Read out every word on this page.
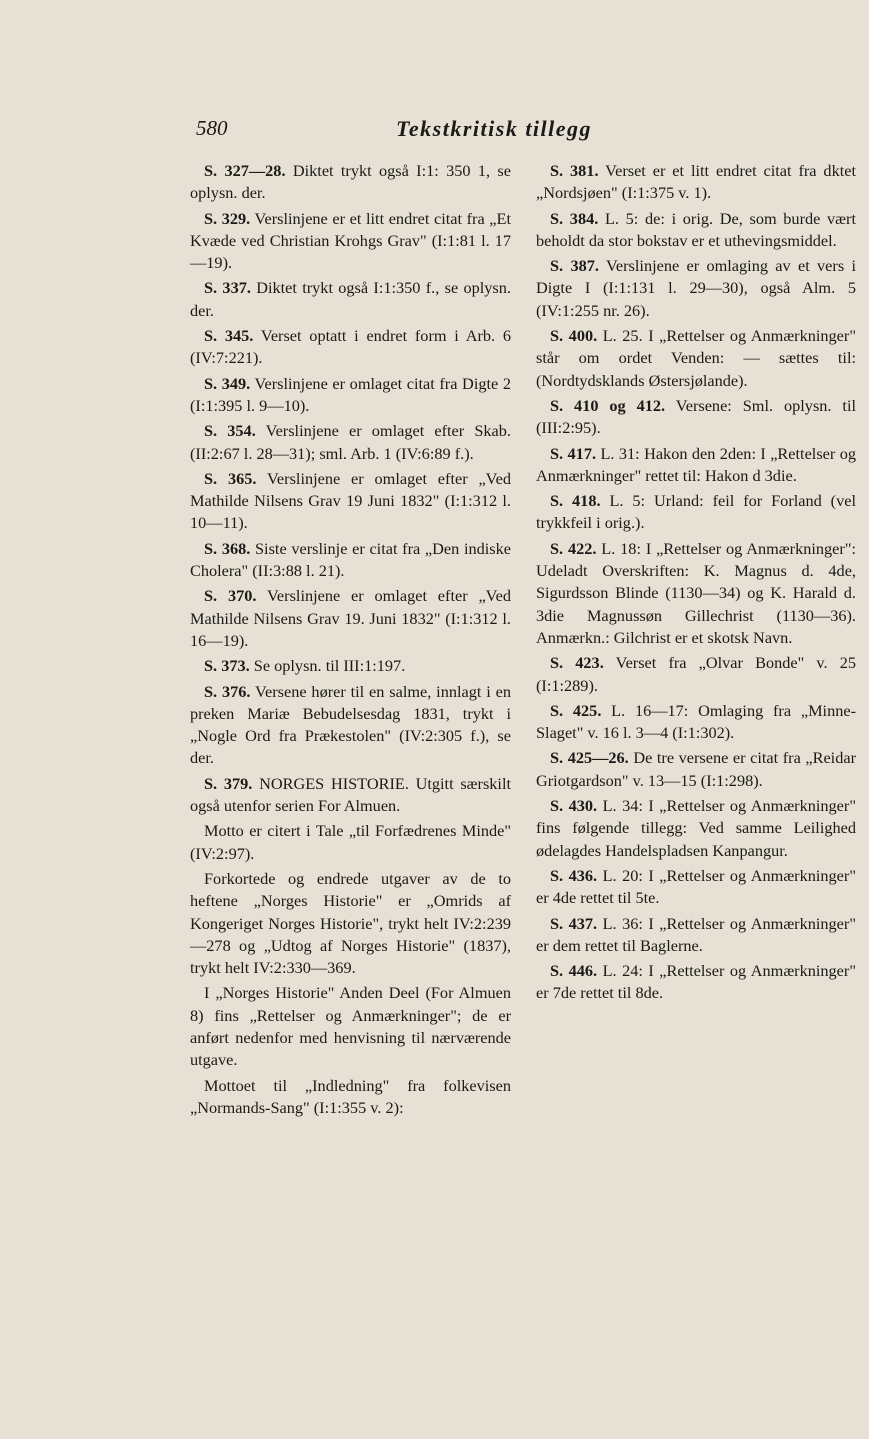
580	Tekstkritisk tillegg

S. 327—28. Diktet trykt også I:1: 350 1, se oplysn. der.

S. 329. Verslinjene er et litt endret citat fra „Et Kvæde ved Christian Krohgs Grav" (I:1:81 l. 17—19).

S. 337. Diktet trykt også I:1:350 f., se oplysn. der.

S. 345. Verset optatt i endret form i Arb. 6 (IV:7:221).

S. 349. Verslinjene er omlaget citat fra Digte 2 (I:1:395 l. 9—10).

S. 354. Verslinjene er omlaget efter Skab. (II:2:67 l. 28—31); sml. Arb. 1 (IV:6:89 f.).

S. 365. Verslinjene er omlaget efter „Ved Mathilde Nilsens Grav 19 Juni 1832" (I:1:312 l. 10—11).

S. 368. Siste verslinje er citat fra „Den indiske Cholera" (II:3:88 l. 21).

S. 370. Verslinjene er omlaget efter „Ved Mathilde Nilsens Grav 19. Juni 1832" (I:1:312 l. 16—19).

S. 373. Se oplysn. til III:1:197.

S. 376. Versene hører til en salme, innlagt i en preken Mariæ Bebudelsesdag 1831, trykt i „Nogle Ord fra Prækestolen" (IV:2:305 f.), se der.

S. 379. NORGES HISTORIE. Utgitt særskilt også utenfor serien For Almuen.

Motto er citert i Tale „til Forfædrenes Minde" (IV:2:97).

Forkortede og endrede utgaver av de to heftene „Norges Historie" er „Omrids af Kongeriget Norges Historie", trykt helt IV:2:239—278 og „Udtog af Norges Historie" (1837), trykt helt IV:2:330—369.

I „Norges Historie" Anden Deel (For Almuen 8) fins „Rettelser og Anmærkninger"; de er anført nedenfor med henvisning til nærværende utgave.

Mottoet til „Indledning" fra folkevisen „Normands-Sang" (I:1:355 v. 2):

S. 381. Verset er et litt endret citat fra dktet „Nordsjøen" (I:1:375 v. 1).

S. 384. L. 5: de: i orig. De, som burde vært beholdt da stor bokstav er et uthevingsmiddel.

S. 387. Verslinjene er omlaging av et vers i Digte I (I:1:131 l. 29—30), også Alm. 5 (IV:1:255 nr. 26).

S. 400. L. 25. I „Rettelser og Anmærkninger" står om ordet Venden: — sættes til: (Nordtydsklands Østersjølande).

S. 410 og 412. Versene: Sml. oplysn. til (III:2:95).

S. 417. L. 31: Hakon den 2den: I „Rettelser og Anmærkninger" rettet til: Hakon d 3die.

S. 418. L. 5: Urland: feil for Forland (vel trykkfeil i orig.).

S. 422. L. 18: I „Rettelser og Anmærkninger": Udeladt Overskriften: K. Magnus d. 4de, Sigurdsson Blinde (1130—34) og K. Harald d. 3die Magnussøn Gillechrist (1130—36). Anmærkn.: Gilchrist er et skotsk Navn.

S. 423. Verset fra „Olvar Bonde" v. 25 (I:1:289).

S. 425. L. 16—17: Omlaging fra „Minne-Slaget" v. 16 l. 3—4 (I:1:302).

S. 425—26. De tre versene er citat fra „Reidar Griotgardson" v. 13—15 (I:1:298).

S. 430. L. 34: I „Rettelser og Anmærkninger" fins følgende tillegg: Ved samme Leilighed ødelagdes Handelspladsen Kanpangur.

S. 436. L. 20: I „Rettelser og Anmærkninger" er 4de rettet til 5te.

S. 437. L. 36: I „Rettelser og Anmærkninger" er dem rettet til Baglerne.

S. 446. L. 24: I „Rettelser og Anmærkninger" er 7de rettet til 8de.
